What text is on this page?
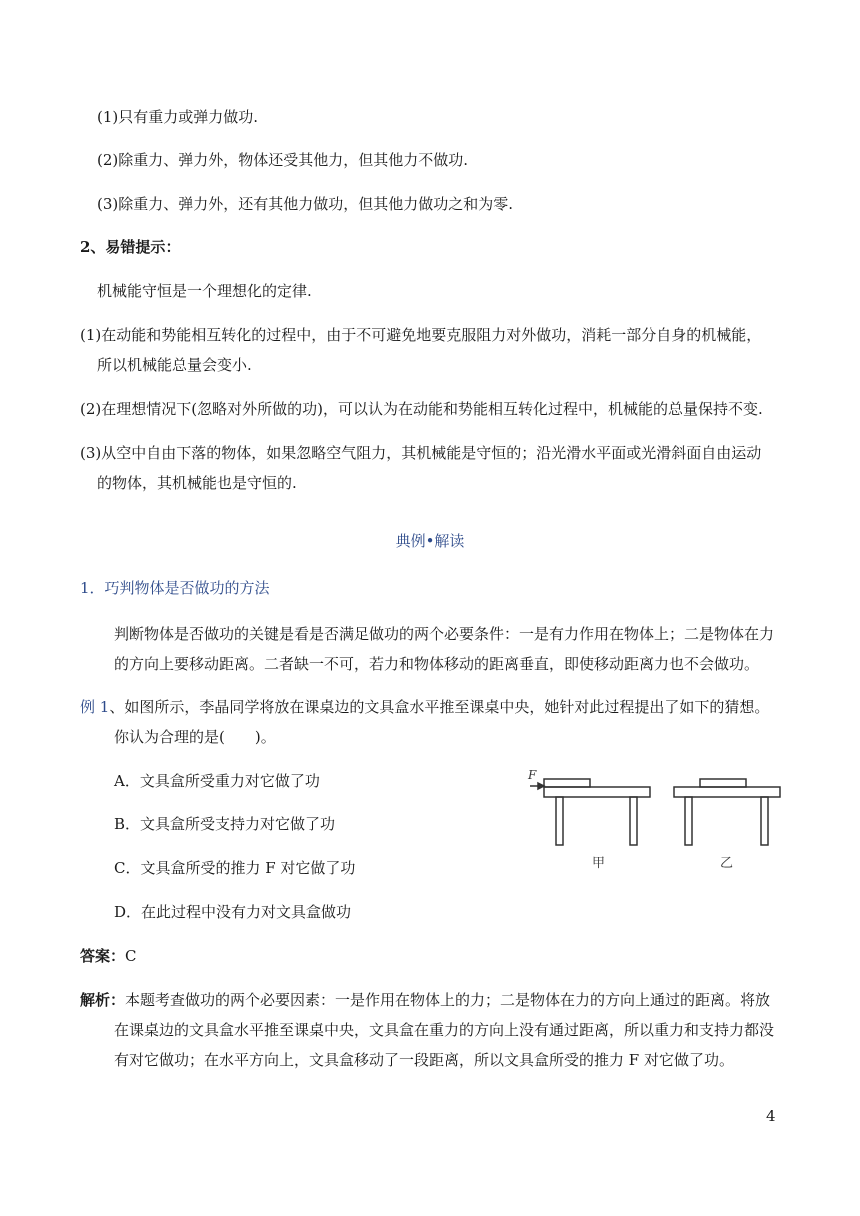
(1)只有重力或弹力做功.
(2)除重力、弹力外，物体还受其他力，但其他力不做功.
(3)除重力、弹力外，还有其他力做功，但其他力做功之和为零.
2、易错提示：
机械能守恒是一个理想化的定律.
(1)在动能和势能相互转化的过程中，由于不可避免地要克服阻力对外做功，消耗一部分自身的机械能，
所以机械能总量会变小.
(2)在理想情况下(忽略对外所做的功)，可以认为在动能和势能相互转化过程中，机械能的总量保持不变.
(3)从空中自由下落的物体，如果忽略空气阻力，其机械能是守恒的；沿光滑水平面或光滑斜面自由运动
的物体，其机械能也是守恒的.
典例•解读
1．巧判物体是否做功的方法
判断物体是否做功的关键是看是否满足做功的两个必要条件：一是有力作用在物体上；二是物体在力
的方向上要移动距离。二者缺一不可，若力和物体移动的距离垂直，即使移动距离力也不会做功。
例 1、如图所示，李晶同学将放在课桌边的文具盒水平推至课桌中央，她针对此过程提出了如下的猜想。
你认为合理的是(　　)。
A．文具盒所受重力对它做了功
B．文具盒所受支持力对它做了功
C．文具盒所受的推力 F 对它做了功
D．在此过程中没有力对文具盒做功
F
甲	乙
答案：C
解析：本题考查做功的两个必要因素：一是作用在物体上的力；二是物体在力的方向上通过的距离。将放
在课桌边的文具盒水平推至课桌中央，文具盒在重力的方向上没有通过距离，所以重力和支持力都没
有对它做功；在水平方向上，文具盒移动了一段距离，所以文具盒所受的推力 F 对它做了功。
4
